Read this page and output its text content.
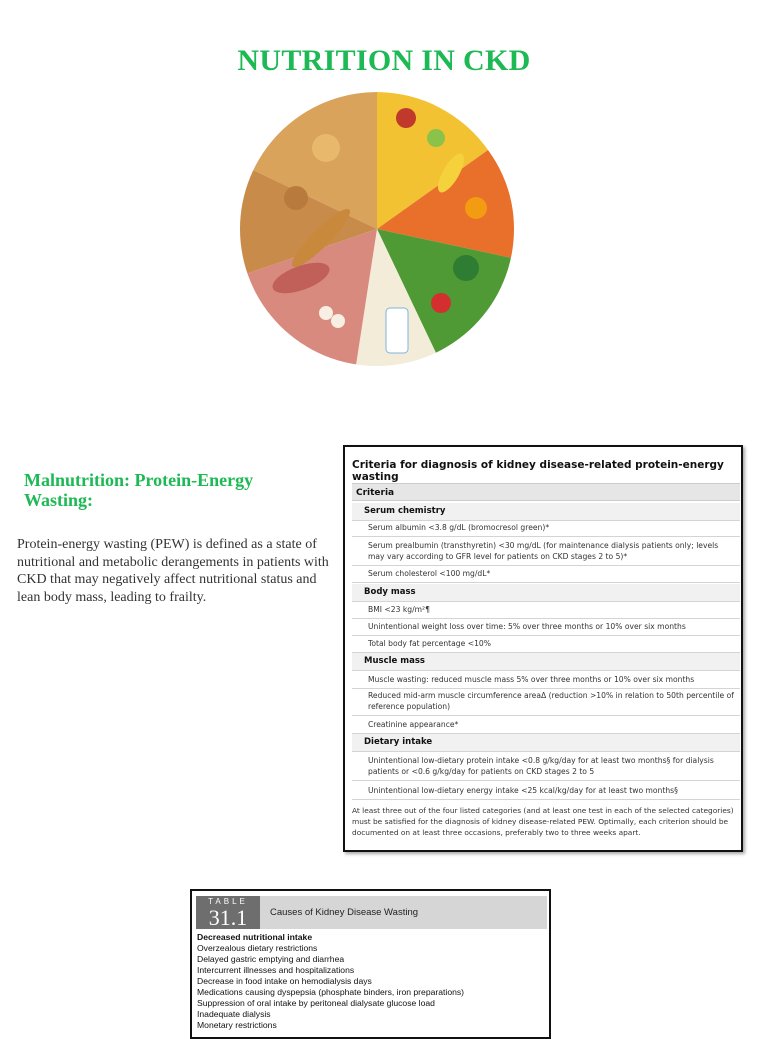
NUTRITION IN CKD
Malnutrition: Protein-Energy Wasting:
Protein-energy wasting (PEW) is defined as a state of nutritional and metabolic derangements in patients with CKD that may negatively affect nutritional status and lean body mass, leading to frailty.
Criteria for diagnosis of kidney disease-related protein-energy wasting
Criteria
Serum chemistry
Serum albumin <3.8 g/dL (bromocresol green)*
Serum prealbumin (transthyretin) <30 mg/dL (for maintenance dialysis patients only; levels may vary according to GFR level for patients on CKD stages 2 to 5)*
Serum cholesterol <100 mg/dL*
Body mass
BMI <23 kg/m²¶
Unintentional weight loss over time: 5% over three months or 10% over six months
Total body fat percentage <10%
Muscle mass
Muscle wasting: reduced muscle mass 5% over three months or 10% over six months
Reduced mid-arm muscle circumference areaΔ (reduction >10% in relation to 50th percentile of reference population)
Creatinine appearance*
Dietary intake
Unintentional low-dietary protein intake <0.8 g/kg/day for at least two months§ for dialysis patients or <0.6 g/kg/day for patients on CKD stages 2 to 5
Unintentional low-dietary energy intake <25 kcal/kg/day for at least two months§
At least three out of the four listed categories (and at least one test in each of the selected categories) must be satisfied for the diagnosis of kidney disease-related PEW. Optimally, each criterion should be documented on at least three occasions, preferably two to three weeks apart.
TABLE
31.1	Causes of Kidney Disease Wasting
Decreased nutritional intake
Overzealous dietary restrictions
Delayed gastric emptying and diarrhea
Intercurrent illnesses and hospitalizations
Decrease in food intake on hemodialysis days
Medications causing dyspepsia (phosphate binders, iron preparations)
Suppression of oral intake by peritoneal dialysate glucose load
Inadequate dialysis
Monetary restrictions
